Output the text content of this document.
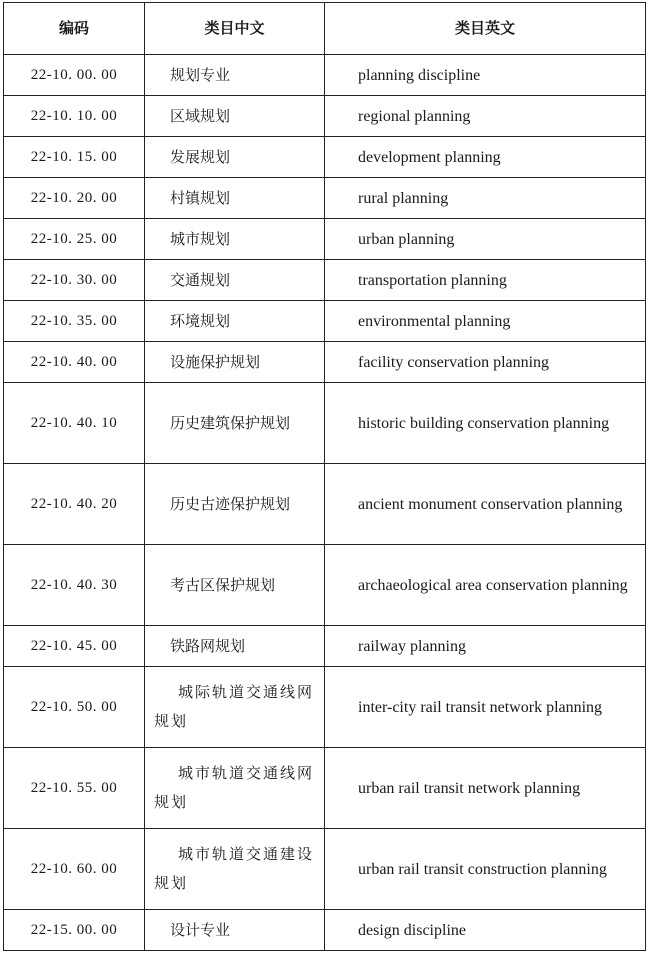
编码	类目中文	类目英文
22-10. 00. 00	规划专业	planning discipline
22-10. 10. 00	区域规划	regional planning
22-10. 15. 00	发展规划	development planning
22-10. 20. 00	村镇规划	rural planning
22-10. 25. 00	城市规划	urban planning
22-10. 30. 00	交通规划	transportation planning
22-10. 35. 00	环境规划	environmental planning
22-10. 40. 00	设施保护规划	facility conservation planning
22-10. 40. 10	历史建筑保护规划	historic building conservation planning
22-10. 40. 20	历史古迹保护规划	ancient monument conservation planning
22-10. 40. 30	考古区保护规划	archaeological area conservation planning
22-10. 45. 00	铁路网规划	railway planning
22-10. 50. 00	城际轨道交通线网规划	inter-city rail transit network planning
22-10. 55. 00	城市轨道交通线网规划	urban rail transit network planning
22-10. 60. 00	城市轨道交通建设规划	urban rail transit construction planning
22-15. 00. 00	设计专业	design discipline
